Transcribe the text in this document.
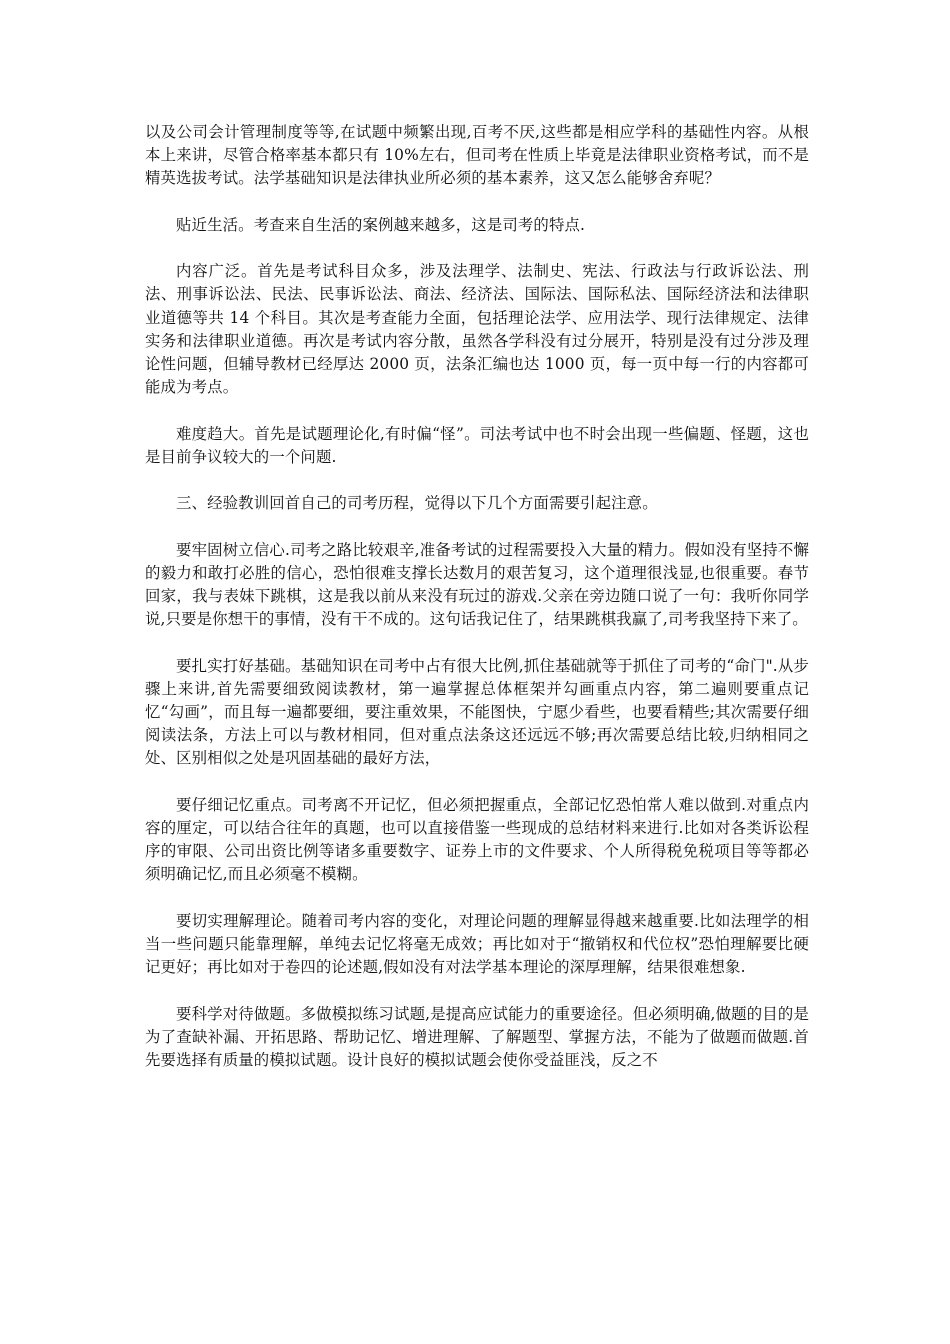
以及公司会计管理制度等等,在试题中频繁出现,百考不厌,这些都是相应学科的基础性内容。从根本上来讲，尽管合格率基本都只有 10%左右，但司考在性质上毕竟是法律职业资格考试，而不是精英选拔考试。法学基础知识是法律执业所必须的基本素养，这又怎么能够舍弃呢？

贴近生活。考查来自生活的案例越来越多，这是司考的特点.

内容广泛。首先是考试科目众多，涉及法理学、法制史、宪法、行政法与行政诉讼法、刑法、刑事诉讼法、民法、民事诉讼法、商法、经济法、国际法、国际私法、国际经济法和法律职业道德等共 14 个科目。其次是考查能力全面，包括理论法学、应用法学、现行法律规定、法律实务和法律职业道德。再次是考试内容分散，虽然各学科没有过分展开，特别是没有过分涉及理论性问题，但辅导教材已经厚达 2000 页，法条汇编也达 1000 页，每一页中每一行的内容都可能成为考点。

难度趋大。首先是试题理论化,有时偏“怪”。司法考试中也不时会出现一些偏题、怪题，这也是目前争议较大的一个问题.

三、经验教训回首自己的司考历程，觉得以下几个方面需要引起注意。

要牢固树立信心.司考之路比较艰辛,准备考试的过程需要投入大量的精力。假如没有坚持不懈的毅力和敢打必胜的信心，恐怕很难支撑长达数月的艰苦复习，这个道理很浅显,也很重要。春节回家，我与表妹下跳棋，这是我以前从来没有玩过的游戏.父亲在旁边随口说了一句：我听你同学说,只要是你想干的事情，没有干不成的。这句话我记住了，结果跳棋我赢了,司考我坚持下来了。

要扎实打好基础。基础知识在司考中占有很大比例,抓住基础就等于抓住了司考的“命门".从步骤上来讲,首先需要细致阅读教材，第一遍掌握总体框架并勾画重点内容，第二遍则要重点记忆“勾画”，而且每一遍都要细，要注重效果，不能图快，宁愿少看些，也要看精些;其次需要仔细阅读法条，方法上可以与教材相同，但对重点法条这还远远不够;再次需要总结比较,归纳相同之处、区别相似之处是巩固基础的最好方法，

要仔细记忆重点。司考离不开记忆，但必须把握重点，全部记忆恐怕常人难以做到.对重点内容的厘定，可以结合往年的真题，也可以直接借鉴一些现成的总结材料来进行.比如对各类诉讼程序的审限、公司出资比例等诸多重要数字、证券上市的文件要求、个人所得税免税项目等等都必须明确记忆,而且必须毫不模糊。

要切实理解理论。随着司考内容的变化，对理论问题的理解显得越来越重要.比如法理学的相当一些问题只能靠理解，单纯去记忆将毫无成效；再比如对于“撤销权和代位权”恐怕理解要比硬记更好；再比如对于卷四的论述题,假如没有对法学基本理论的深厚理解，结果很难想象.

要科学对待做题。多做模拟练习试题,是提高应试能力的重要途径。但必须明确,做题的目的是为了查缺补漏、开拓思路、帮助记忆、增进理解、了解题型、掌握方法，不能为了做题而做题.首先要选择有质量的模拟试题。设计良好的模拟试题会使你受益匪浅，反之不
